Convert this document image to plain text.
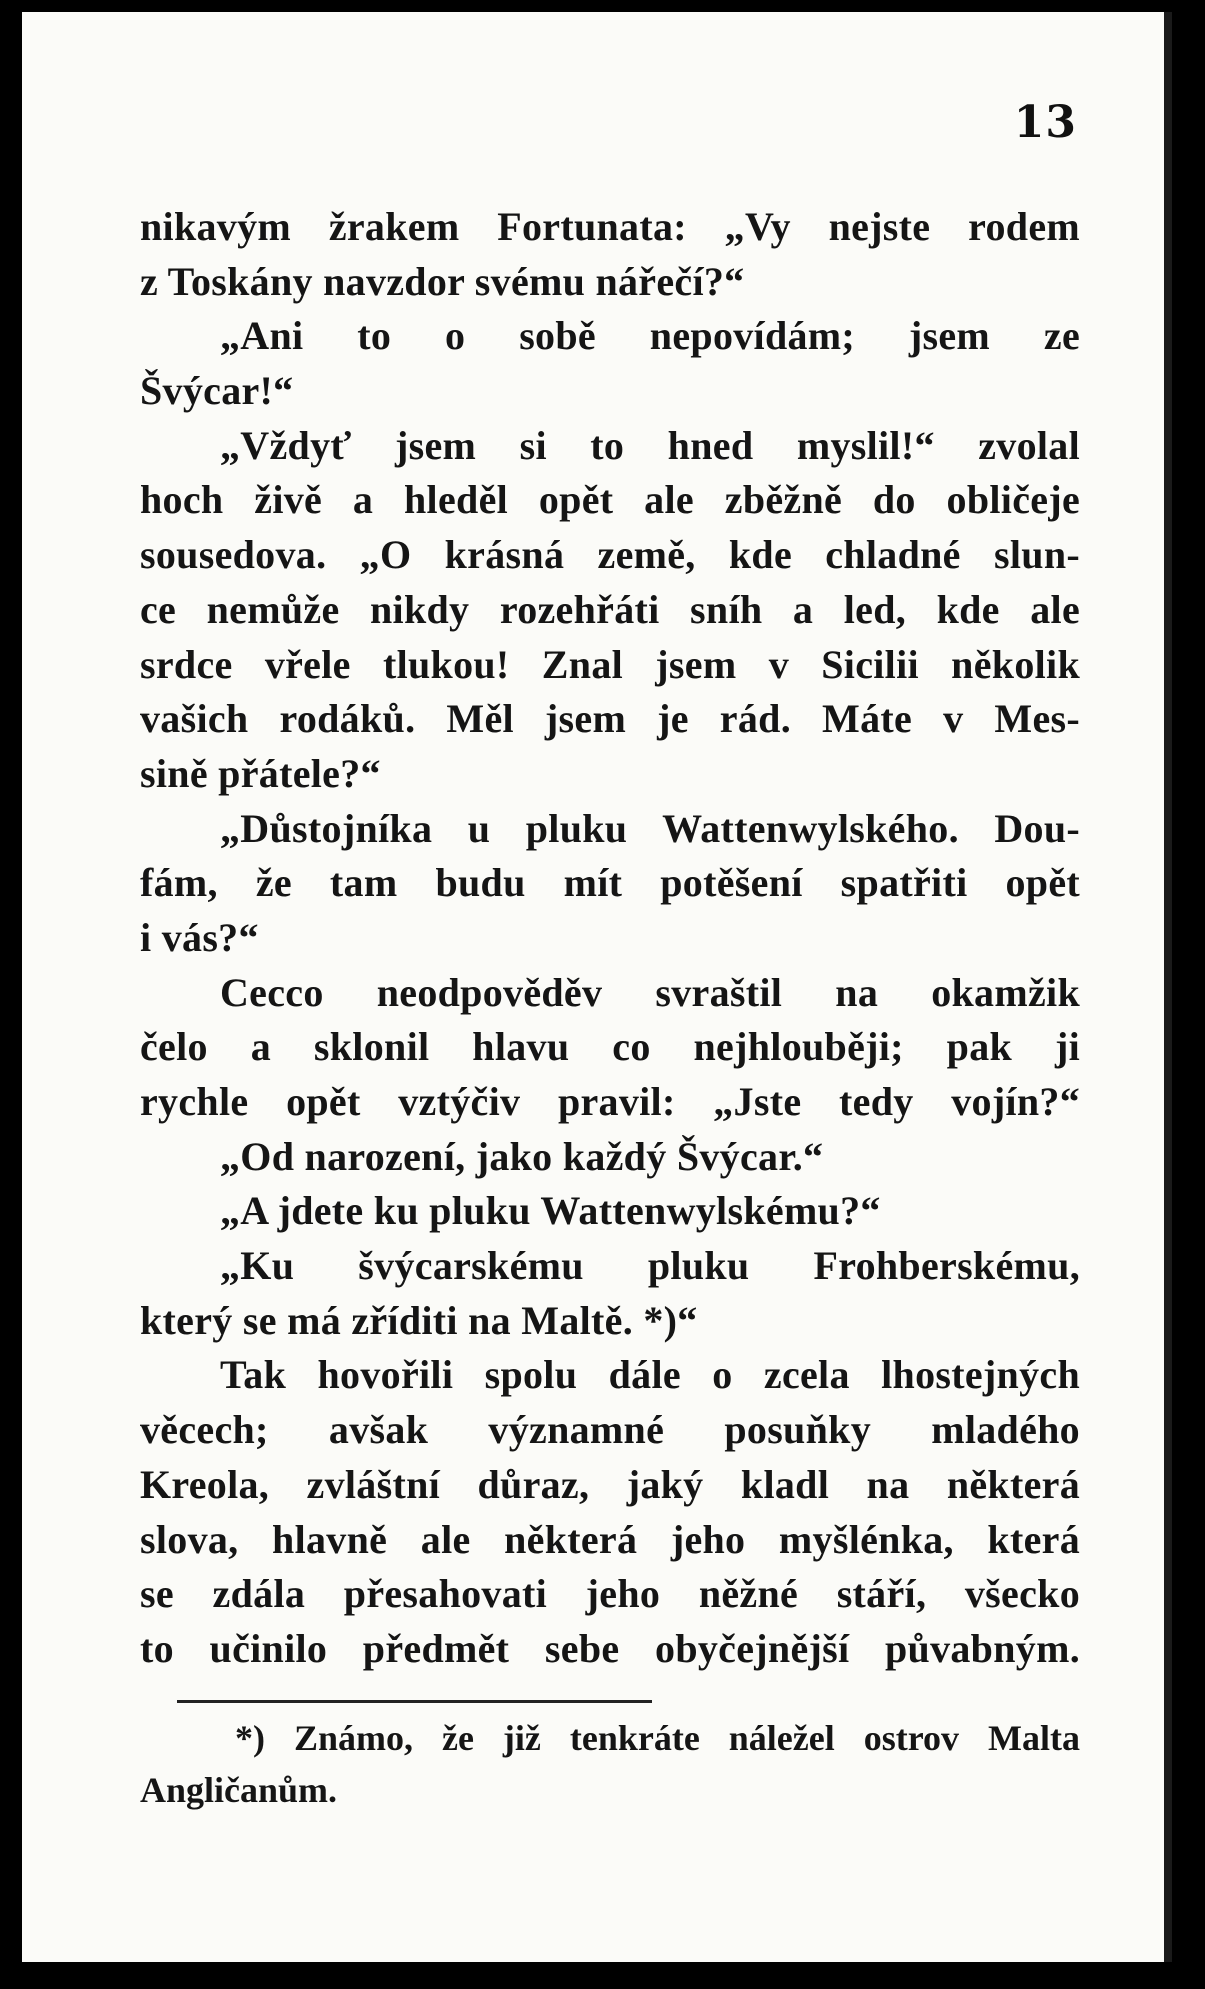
13
nikavým žrakem Fortunata: „Vy nejste rodem
z Toskány navzdor svému nářečí?“
„Ani to o sobě nepovídám; jsem ze
Švýcar!“
„Vždyť jsem si to hned myslil!“ zvolal
hoch živě a hleděl opět ale zběžně do obličeje
sousedova. „O krásná země, kde chladné slun-
ce nemůže nikdy rozehřáti sníh a led, kde ale
srdce vřele tlukou! Znal jsem v Sicilii několik
vašich rodáků. Měl jsem je rád. Máte v Mes-
sině přátele?“
„Důstojníka u pluku Wattenwylského. Dou-
fám, že tam budu mít potěšení spatřiti opět
i vás?“
Cecco neodpověděv svraštil na okamžik
čelo a sklonil hlavu co nejhlouběji; pak ji
rychle opět vztýčiv pravil: „Jste tedy vojín?“
„Od narození, jako každý Švýcar.“
„A jdete ku pluku Wattenwylskému?“
„Ku švýcarskému pluku Frohberskému,
který se má zříditi na Maltě. *)“
Tak hovořili spolu dále o zcela lhostejných
věcech; avšak významné posuňky mladého
Kreola, zvláštní důraz, jaký kladl na některá
slova, hlavně ale některá jeho myšlénka, která
se zdála přesahovati jeho něžné stáří, všecko
to učinilo předmět sebe obyčejnější půvabným.
*) Známo, že již tenkráte náležel ostrov Malta
Angličanům.
